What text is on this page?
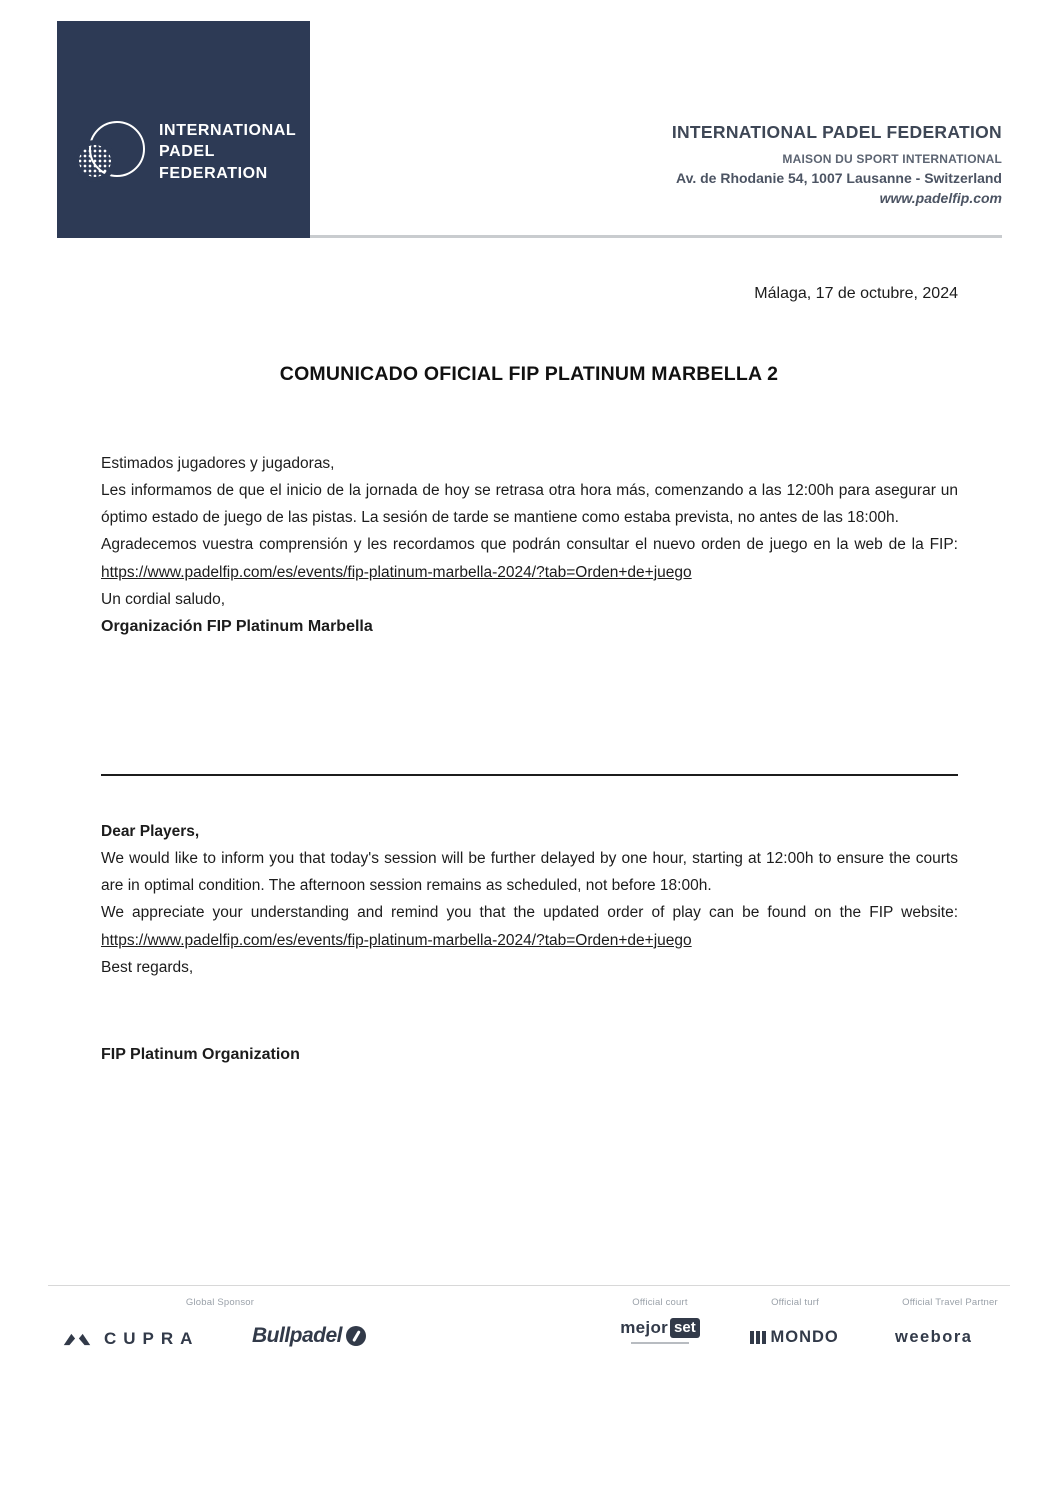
INTERNATIONAL
PADEL
FEDERATION
INTERNATIONAL PADEL FEDERATION
MAISON DU SPORT INTERNATIONAL
Av. de Rhodanie 54, 1007 Lausanne - Switzerland
www.padelfip.com
Málaga, 17 de octubre, 2024
COMUNICADO OFICIAL FIP PLATINUM MARBELLA 2

Estimados jugadores y jugadoras,

Les informamos de que el inicio de la jornada de hoy se retrasa otra hora más, comenzando a las 12:00h para asegurar un óptimo estado de juego de las pistas. La sesión de tarde se mantiene como estaba prevista, no antes de las 18:00h.

Agradecemos vuestra comprensión y les recordamos que podrán consultar el nuevo orden de juego en la web de la FIP:
https://www.padelfip.com/es/events/fip-platinum-marbella-2024/?tab=Orden+de+juego

Un cordial saludo,

Organización FIP Platinum Marbella

Dear Players,

We would like to inform you that today's session will be further delayed by one hour, starting at 12:00h to ensure the courts are in optimal condition. The afternoon session remains as scheduled, not before 18:00h.

We appreciate your understanding and remind you that the updated order of play can be found on the FIP website:
https://www.padelfip.com/es/events/fip-platinum-marbella-2024/?tab=Orden+de+juego

Best regards,

FIP Platinum Organization

Global Sponsor	Official court	Official turf	Official Travel Partner
CUPRA	Bullpadel	mejor set
MONDO	weebora
